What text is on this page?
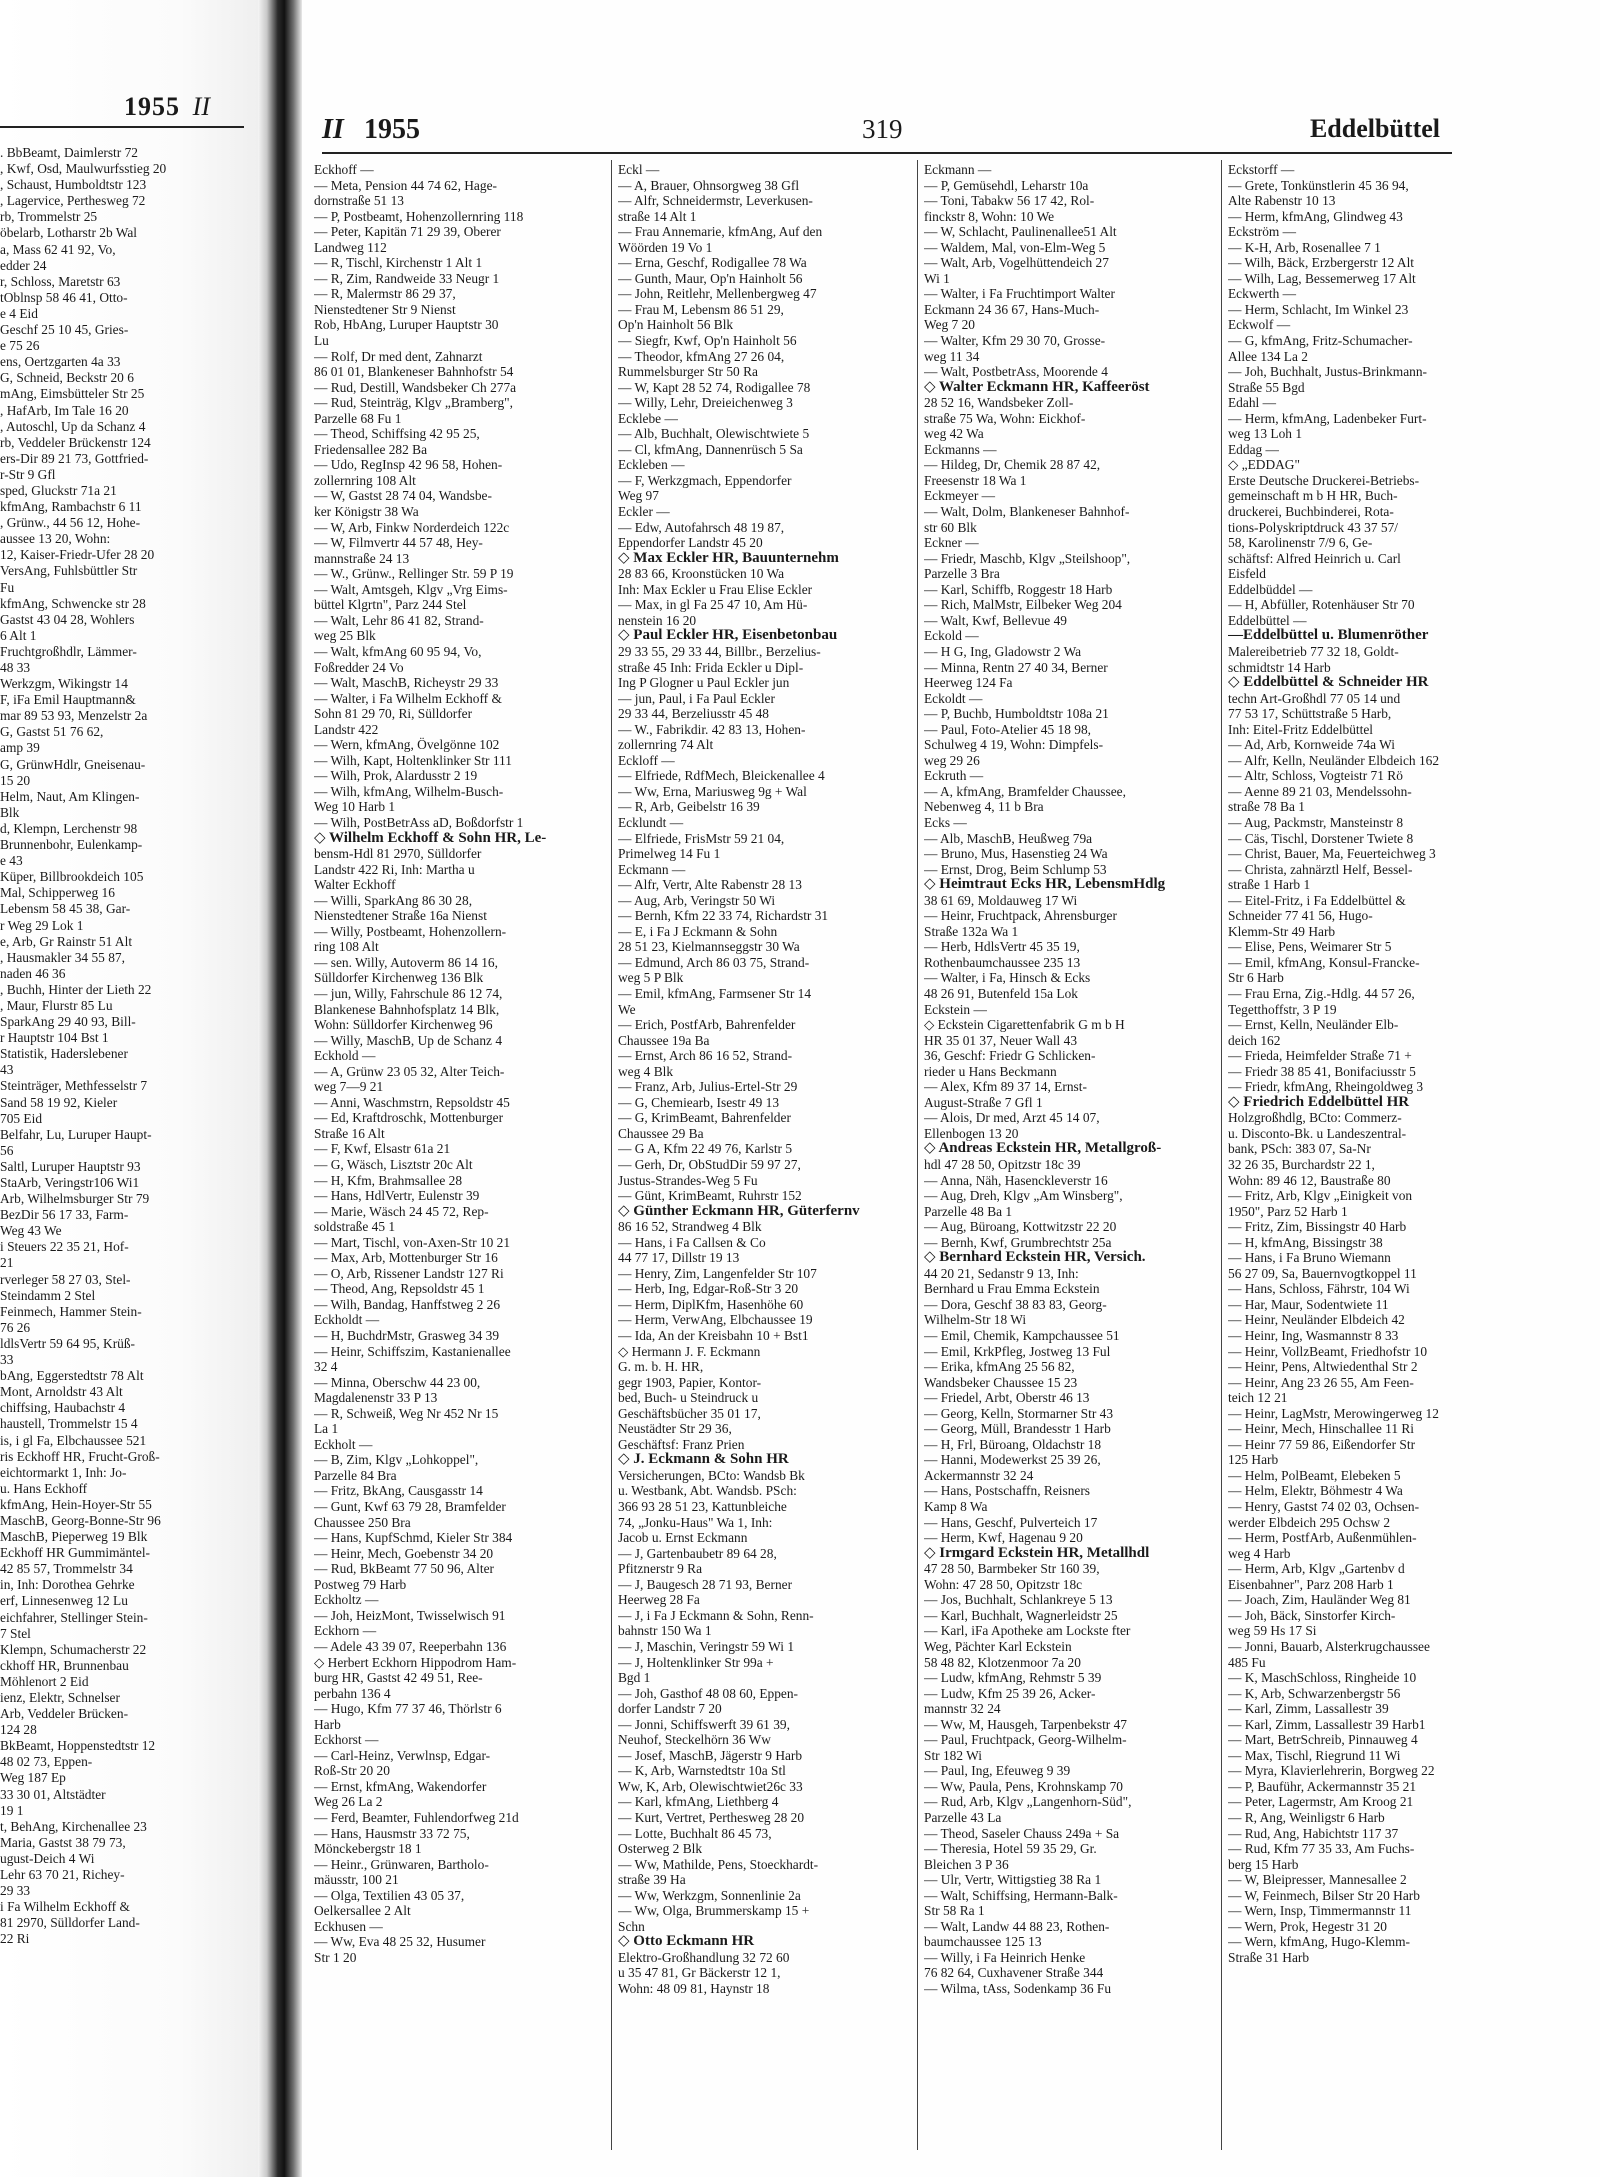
1955 II
. BbBeamt, Daimlerstr 72
, Kwf, Osd, Maulwurfsstieg 20
, Schaust, Humboldtstr 123
, Lagervice, Perthesweg 72
rb, Trommelstr 25
öbelarb, Lotharstr 2b Wal
a, Mass 62 41 92, Vo,
edder 24
r, Schloss, Maretstr 63
tOblnsp 58 46 41, Otto-
e 4 Eid
Geschf 25 10 45, Gries-
e 75 26
ens, Oertzgarten 4a 33
G, Schneid, Beckstr 20 6
mAng, Eimsbütteler Str 25
, HafArb, Im Tale 16 20
, Autoschl, Up da Schanz 4
rb, Veddeler Brückenstr 124
ers-Dir 89 21 73, Gottfried-
r-Str 9 Gfl
sped, Gluckstr 71a 21
kfmAng, Rambachstr 6 11
, Grünw., 44 56 12, Hohe-
aussee 13 20, Wohn:
12, Kaiser-Friedr-Ufer 28 20
VersAng, Fuhlsbüttler Str
Fu
kfmAng, Schwencke str 28
Gastst 43 04 28, Wohlers
6 Alt 1
Fruchtgroßhdlr, Lämmer-
48 33
Werkzgm, Wikingstr 14
F, iFa Emil Hauptmann&
mar 89 53 93, Menzelstr 2a
G, Gastst 51 76 62,
amp 39
G, GrünwHdlr, Gneisenau-
15 20
Helm, Naut, Am Klingen-
Blk
d, Klempn, Lerchenstr 98
Brunnenbohr, Eulenkamp-
e 43
Küper, Billbrookdeich 105
Mal, Schipperweg 16
Lebensm 58 45 38, Gar-
r Weg 29 Lok 1
e, Arb, Gr Rainstr 51 Alt
, Hausmakler 34 55 87,
naden 46 36
, Buchh, Hinter der Lieth 22
, Maur, Flurstr 85 Lu
SparkAng 29 40 93, Bill-
r Hauptstr 104 Bst 1
Statistik, Haderslebener
43
Steinträger, Methfesselstr 7
Sand 58 19 92, Kieler
705 Eid
Belfahr, Lu, Luruper Haupt-
56
Saltl, Luruper Hauptstr 93
StaArb, Veringstr106 Wi1
Arb, Wilhelmsburger Str 79
BezDir 56 17 33, Farm-
Weg 43 We
i Steuers 22 35 21, Hof-
21
rverleger 58 27 03, Stel-
Steindamm 2 Stel
Feinmech, Hammer Stein-
76 26
ldlsVertr 59 64 95, Krüß-
33
bAng, Eggerstedtstr 78 Alt
Mont, Arnoldstr 43 Alt
chiffsing, Haubachstr 4
haustell, Trommelstr 15 4
is, i gl Fa, Elbchaussee 521
ris Eckhoff HR, Frucht-Groß-
eichtormarkt 1, Inh: Jo-
u. Hans Eckhoff
kfmAng, Hein-Hoyer-Str 55
MaschB, Georg-Bonne-Str 96
MaschB, Pieperweg 19 Blk
Eckhoff HR Gummimäntel-
42 85 57, Trommelstr 34
in, Inh: Dorothea Gehrke
erf, Linnesenweg 12 Lu
eichfahrer, Stellinger Stein-
7 Stel
Klempn, Schumacherstr 22
ckhoff HR, Brunnenbau
Möhlenort 2 Eid
ienz, Elektr, Schnelser
Arb, Veddeler Brücken-
124 28
BkBeamt, Hoppenstedtstr 12
48 02 73, Eppen-
Weg 187 Ep
33 30 01, Altstädter
19 1
t, BehAng, Kirchenallee 23
Maria, Gastst 38 79 73,
ugust-Deich 4 Wi
Lehr 63 70 21, Richey-
29 33
i Fa Wilhelm Eckhoff &
81 2970, Sülldorfer Land-
22 Ri
II 1955	319	Eddelbüttel
Eckhoff —
— Meta, Pension 44 74 62, Hage-
dornstraße 51 13
— P, Postbeamt, Hohenzollernring 118
— Peter, Kapitän 71 29 39, Oberer
Landweg 112
— R, Tischl, Kirchenstr 1 Alt 1
— R, Zim, Randweide 33 Neugr 1
— R, Malermstr 86 29 37,
Nienstedtener Str 9 Nienst
Rob, HbAng, Luruper Hauptstr 30
Lu
— Rolf, Dr med dent, Zahnarzt
86 01 01, Blankeneser Bahnhofstr 54
— Rud, Destill, Wandsbeker Ch 277a
— Rud, Steinträg, Klgv „Bramberg",
Parzelle 68 Fu 1
— Theod, Schiffsing 42 95 25,
Friedensallee 282 Ba
— Udo, RegInsp 42 96 58, Hohen-
zollernring 108 Alt
— W, Gastst 28 74 04, Wandsbe-
ker Königstr 38 Wa
— W, Arb, Finkw Norderdeich 122c
— W, Filmvertr 44 57 48, Hey-
mannstraße 24 13
— W., Grünw., Rellinger Str. 59 P 19
— Walt, Amtsgeh, Klgv „Vrg Eims-
büttel Klgrtn", Parz 244 Stel
— Walt, Lehr 86 41 82, Strand-
weg 25 Blk
— Walt, kfmAng 60 95 94, Vo,
Foßredder 24 Vo
— Walt, MaschB, Richeystr 29 33
— Walter, i Fa Wilhelm Eckhoff &
Sohn 81 29 70, Ri, Sülldorfer
Landstr 422
— Wern, kfmAng, Övelgönne 102
— Wilh, Kapt, Holtenklinker Str 111
— Wilh, Prok, Alardusstr 2 19
— Wilh, kfmAng, Wilhelm-Busch-
Weg 10 Harb 1
— Wilh, PostBetrAss aD, Boßdorfstr 1
◇ Wilhelm Eckhoff & Sohn HR, Le-
bensm-Hdl 81 2970, Sülldorfer
Landstr 422 Ri, Inh: Martha u
Walter Eckhoff
— Willi, SparkAng 86 30 28,
Nienstedtener Straße 16a Nienst
— Willy, Postbeamt, Hohenzollern-
ring 108 Alt
— sen. Willy, Autoverm 86 14 16,
Sülldorfer Kirchenweg 136 Blk
— jun, Willy, Fahrschule 86 12 74,
Blankenese Bahnhofsplatz 14 Blk,
Wohn: Sülldorfer Kirchenweg 96
— Willy, MaschB, Up de Schanz 4
Eckhold —
— A, Grünw 23 05 32, Alter Teich-
weg 7—9 21
— Anni, Waschmstrn, Repsoldstr 45
— Ed, Kraftdroschk, Mottenburger
Straße 16 Alt
— F, Kwf, Elsastr 61a 21
— G, Wäsch, Lisztstr 20c Alt
— H, Kfm, Brahmsallee 28
— Hans, HdlVertr, Eulenstr 39
— Marie, Wäsch 24 45 72, Rep-
soldstraße 45 1
— Mart, Tischl, von-Axen-Str 10 21
— Max, Arb, Mottenburger Str 16
— O, Arb, Rissener Landstr 127 Ri
— Theod, Ang, Repsoldstr 45 1
— Wilh, Bandag, Hanffstweg 2 26
Eckholdt —
— H, BuchdrMstr, Grasweg 34 39
— Heinr, Schiffszim, Kastanienallee
32 4
— Minna, Oberschw 44 23 00,
Magdalenenstr 33 P 13
— R, Schweiß, Weg Nr 452 Nr 15
La 1
Eckholt —
— B, Zim, Klgv „Lohkoppel",
Parzelle 84 Bra
— Fritz, BkAng, Causgasstr 14
— Gunt, Kwf 63 79 28, Bramfelder
Chaussee 250 Bra
— Hans, KupfSchmd, Kieler Str 384
— Heinr, Mech, Goebenstr 34 20
— Rud, BkBeamt 77 50 96, Alter
Postweg 79 Harb
Eckholtz —
— Joh, HeizMont, Twisselwisch 91
Eckhorn —
— Adele 43 39 07, Reeperbahn 136
◇ Herbert Eckhorn Hippodrom Ham-
burg HR, Gastst 42 49 51, Ree-
perbahn 136 4
— Hugo, Kfm 77 37 46, Thörlstr 6
Harb
Eckhorst —
— Carl-Heinz, Verwlnsp, Edgar-
Roß-Str 20 20
— Ernst, kfmAng, Wakendorfer
Weg 26 La 2
— Ferd, Beamter, Fuhlendorfweg 21d
— Hans, Hausmstr 33 72 75,
Mönckebergstr 18 1
— Heinr., Grünwaren, Bartholo-
mäusstr, 100 21
— Olga, Textilien 43 05 37,
Oelkersallee 2 Alt
Eckhusen —
— Ww, Eva 48 25 32, Husumer
Str 1 20
Eckl —
— A, Brauer, Ohnsorgweg 38 Gfl
— Alfr, Schneidermstr, Leverkusen-
straße 14 Alt 1
— Frau Annemarie, kfmAng, Auf den
Wöörden 19 Vo 1
— Erna, Geschf, Rodigallee 78 Wa
— Gunth, Maur, Op'n Hainholt 56
— John, Reitlehr, Mellenbergweg 47
— Frau M, Lebensm 86 51 29,
Op'n Hainholt 56 Blk
— Siegfr, Kwf, Op'n Hainholt 56
— Theodor, kfmAng 27 26 04,
Rummelsburger Str 50 Ra
— W, Kapt 28 52 74, Rodigallee 78
— Willy, Lehr, Dreieichenweg 3
Ecklebe —
— Alb, Buchhalt, Olewischtwiete 5
— Cl, kfmAng, Dannenrüsch 5 Sa
Eckleben —
— F, Werkzgmach, Eppendorfer
Weg 97
Eckler —
— Edw, Autofahrsch 48 19 87,
Eppendorfer Landstr 45 20
◇ Max Eckler HR, Bauunternehm
28 83 66, Kroonstücken 10 Wa
Inh: Max Eckler u Frau Elise Eckler
— Max, in gl Fa 25 47 10, Am Hü-
nenstein 16 20
◇ Paul Eckler HR, Eisenbetonbau
29 33 55, 29 33 44, Billbr., Berzelius-
straße 45 Inh: Frida Eckler u Dipl-
Ing P Glogner u Paul Eckler jun
— jun, Paul, i Fa Paul Eckler
29 33 44, Berzeliusstr 45 48
— W., Fabrikdir. 42 83 13, Hohen-
zollernring 74 Alt
Eckloff —
— Elfriede, RdfMech, Bleickenallee 4
— Ww, Erna, Mariusweg 9g + Wal
— R, Arb, Geibelstr 16 39
Ecklundt —
— Elfriede, FrisMstr 59 21 04,
Primelweg 14 Fu 1
Eckmann —
— Alfr, Vertr, Alte Rabenstr 28 13
— Aug, Arb, Veringstr 50 Wi
— Bernh, Kfm 22 33 74, Richardstr 31
— E, i Fa J Eckmann & Sohn
28 51 23, Kielmannseggstr 30 Wa
— Edmund, Arch 86 03 75, Strand-
weg 5 P Blk
— Emil, kfmAng, Farmsener Str 14
We
— Erich, PostfArb, Bahrenfelder
Chaussee 19a Ba
— Ernst, Arch 86 16 52, Strand-
weg 4 Blk
— Franz, Arb, Julius-Ertel-Str 29
— G, Chemiearb, Isestr 49 13
— G, KrimBeamt, Bahrenfelder
Chaussee 29 Ba
— G A, Kfm 22 49 76, Karlstr 5
— Gerh, Dr, ObStudDir 59 97 27,
Justus-Strandes-Weg 5 Fu
— Günt, KrimBeamt, Ruhrstr 152
◇ Günther Eckmann HR, Güterfernv
86 16 52, Strandweg 4 Blk
— Hans, i Fa Callsen & Co
44 77 17, Dillstr 19 13
— Henry, Zim, Langenfelder Str 107
— Herb, Ing, Edgar-Roß-Str 3 20
— Herm, DiplKfm, Hasenhöhe 60
— Herm, VerwAng, Elbchaussee 19
— Ida, An der Kreisbahn 10 + Bst1
◇ Hermann J. F. Eckmann
G. m. b. H. HR,
gegr 1903, Papier, Kontor-
bed, Buch- u Steindruck u
Geschäftsbücher 35 01 17,
Neustädter Str 29 36,
Geschäftsf: Franz Prien
◇ J. Eckmann & Sohn HR
Versicherungen, BCto: Wandsb Bk
u. Westbank, Abt. Wandsb. PSch:
366 93 28 51 23, Kattunbleiche
74, „Jonku-Haus" Wa 1, Inh:
Jacob u. Ernst Eckmann
— J, Gartenbaubetr 89 64 28,
Pfitznerstr 9 Ra
— J, Baugesch 28 71 93, Berner
Heerweg 28 Fa
— J, i Fa J Eckmann & Sohn, Renn-
bahnstr 150 Wa 1
— J, Maschin, Veringstr 59 Wi 1
— J, Holtenklinker Str 99a +
Bgd 1
— Joh, Gasthof 48 08 60, Eppen-
dorfer Landstr 7 20
— Jonni, Schiffswerft 39 61 39,
Neuhof, Steckelhörn 36 Ww
— Josef, MaschB, Jägerstr 9 Harb
— K, Arb, Warnstedtstr 10a Stl
Ww, K, Arb, Olewischtwiet26c 33
— Karl, kfmAng, Liethberg 4
— Kurt, Vertret, Perthesweg 28 20
— Lotte, Buchhalt 86 45 73,
Osterweg 2 Blk
— Ww, Mathilde, Pens, Stoeckhardt-
straße 39 Ha
— Ww, Werkzgm, Sonnenlinie 2a
— Ww, Olga, Brummerskamp 15 +
Schn
◇ Otto Eckmann HR
Elektro-Großhandlung 32 72 60
u 35 47 81, Gr Bäckerstr 12 1,
Wohn: 48 09 81, Haynstr 18
Eckmann —
— P, Gemüsehdl, Leharstr 10a
— Toni, Tabakw 56 17 42, Rol-
finckstr 8, Wohn: 10 We
— W, Schlacht, Paulinenallee51 Alt
— Waldem, Mal, von-Elm-Weg 5
— Walt, Arb, Vogelhüttendeich 27
Wi 1
— Walter, i Fa Fruchtimport Walter
Eckmann 24 36 67, Hans-Much-
Weg 7 20
— Walter, Kfm 29 30 70, Grosse-
weg 11 34
— Walt, PostbetrAss, Moorende 4
◇ Walter Eckmann HR, Kaffeeröst
28 52 16, Wandsbeker Zoll-
straße 75 Wa, Wohn: Eickhof-
weg 42 Wa
Eckmanns —
— Hildeg, Dr, Chemik 28 87 42,
Freesenstr 18 Wa 1
Eckmeyer —
— Walt, Dolm, Blankeneser Bahnhof-
str 60 Blk
Eckner —
— Friedr, Maschb, Klgv „Steilshoop",
Parzelle 3 Bra
— Karl, Schiffb, Roggestr 18 Harb
— Rich, MalMstr, Eilbeker Weg 204
— Walt, Kwf, Bellevue 49
Eckold —
— H G, Ing, Gladowstr 2 Wa
— Minna, Rentn 27 40 34, Berner
Heerweg 124 Fa
Eckoldt —
— P, Buchb, Humboldtstr 108a 21
— Paul, Foto-Atelier 45 18 98,
Schulweg 4 19, Wohn: Dimpfels-
weg 29 26
Eckruth —
— A, kfmAng, Bramfelder Chaussee,
Nebenweg 4, 11 b Bra
Ecks —
— Alb, MaschB, Heußweg 79a
— Bruno, Mus, Hasenstieg 24 Wa
— Ernst, Drog, Beim Schlump 53
◇ Heimtraut Ecks HR, LebensmHdlg
38 61 69, Moldauweg 17 Wi
— Heinr, Fruchtpack, Ahrensburger
Straße 132a Wa 1
— Herb, HdlsVertr 45 35 19,
Rothenbaumchaussee 235 13
— Walter, i Fa, Hinsch & Ecks
48 26 91, Butenfeld 15a Lok
Eckstein —
◇ Eckstein Cigarettenfabrik G m b H
HR 35 01 37, Neuer Wall 43
36, Geschf: Friedr G Schlicken-
rieder u Hans Beckmann
— Alex, Kfm 89 37 14, Ernst-
August-Straße 7 Gfl 1
— Alois, Dr med, Arzt 45 14 07,
Ellenbogen 13 20
◇ Andreas Eckstein HR, Metallgroß-
hdl 47 28 50, Opitzstr 18c 39
— Anna, Näh, Hasenckleverstr 16
— Aug, Dreh, Klgv „Am Winsberg",
Parzelle 48 Ba 1
— Aug, Büroang, Kottwitzstr 22 20
— Bernh, Kwf, Grumbrechtstr 25a
◇ Bernhard Eckstein HR, Versich.
44 20 21, Sedanstr 9 13, Inh:
Bernhard u Frau Emma Eckstein
— Dora, Geschf 38 83 83, Georg-
Wilhelm-Str 18 Wi
— Emil, Chemik, Kampchaussee 51
— Emil, KrkPfleg, Jostweg 13 Ful
— Erika, kfmAng 25 56 82,
Wandsbeker Chaussee 15 23
— Friedel, Arbt, Oberstr 46 13
— Georg, Kelln, Stormarner Str 43
— Georg, Müll, Brandesstr 1 Harb
— H, Frl, Büroang, Oldachstr 18
— Hanni, Modewerkst 25 39 26,
Ackermannstr 32 24
— Hans, Postschaffn, Reisners
Kamp 8 Wa
— Hans, Geschf, Pulverteich 17
— Herm, Kwf, Hagenau 9 20
◇ Irmgard Eckstein HR, Metallhdl
47 28 50, Barmbeker Str 160 39,
Wohn: 47 28 50, Opitzstr 18c
— Jos, Buchhalt, Schlankreye 5 13
— Karl, Buchhalt, Wagnerleidstr 25
— Karl, iFa Apotheke am Lockste fter
Weg, Pächter Karl Eckstein
58 48 82, Klotzenmoor 7a 20
— Ludw, kfmAng, Rehmstr 5 39
— Ludw, Kfm 25 39 26, Acker-
mannstr 32 24
— Ww, M, Hausgeh, Tarpenbekstr 47
— Paul, Fruchtpack, Georg-Wilhelm-
Str 182 Wi
— Paul, Ing, Efeuweg 9 39
— Ww, Paula, Pens, Krohnskamp 70
— Rud, Arb, Klgv „Langenhorn-Süd",
Parzelle 43 La
— Theod, Saseler Chauss 249a + Sa
— Theresia, Hotel 59 35 29, Gr.
Bleichen 3 P 36
— Ulr, Vertr, Wittigstieg 38 Ra 1
— Walt, Schiffsing, Hermann-Balk-
Str 58 Ra 1
— Walt, Landw 44 88 23, Rothen-
baumchaussee 125 13
— Willy, i Fa Heinrich Henke
76 82 64, Cuxhavener Straße 344
— Wilma, tAss, Sodenkamp 36 Fu
Eckstorff —
— Grete, Tonkünstlerin 45 36 94,
Alte Rabenstr 10 13
— Herm, kfmAng, Glindweg 43
Eckström —
— K-H, Arb, Rosenallee 7 1
— Wilh, Bäck, Erzbergerstr 12 Alt
— Wilh, Lag, Bessemerweg 17 Alt
Eckwerth —
— Herm, Schlacht, Im Winkel 23
Eckwolf —
— G, kfmAng, Fritz-Schumacher-
Allee 134 La 2
— Joh, Buchhalt, Justus-Brinkmann-
Straße 55 Bgd
Edahl —
— Herm, kfmAng, Ladenbeker Furt-
weg 13 Loh 1
Eddag —
◇ „EDDAG"
Erste Deutsche Druckerei-Betriebs-
gemeinschaft m b H HR, Buch-
druckerei, Buchbinderei, Rota-
tions-Polyskriptdruck 43 37 57/
58, Karolinenstr 7/9 6, Ge-
schäftsf: Alfred Heinrich u. Carl
Eisfeld
Eddelbüddel —
— H, Abfüller, Rotenhäuser Str 70
Eddelbüttel —
—Eddelbüttel u. Blumenröther
Malereibetrieb 77 32 18, Goldt-
schmidtstr 14 Harb
◇ Eddelbüttel & Schneider HR
techn Art-Großhdl 77 05 14 und
77 53 17, Schüttstraße 5 Harb,
Inh: Eitel-Fritz Eddelbüttel
— Ad, Arb, Kornweide 74a Wi
— Alfr, Kelln, Neuländer Elbdeich 162
— Altr, Schloss, Vogteistr 71 Rö
— Aenne 89 21 03, Mendelssohn-
straße 78 Ba 1
— Aug, Packmstr, Mansteinstr 8
— Cäs, Tischl, Dorstener Twiete 8
— Christ, Bauer, Ma, Feuerteichweg 3
— Christa, zahnärztl Helf, Bessel-
straße 1 Harb 1
— Eitel-Fritz, i Fa Eddelbüttel &
Schneider 77 41 56, Hugo-
Klemm-Str 49 Harb
— Elise, Pens, Weimarer Str 5
— Emil, kfmAng, Konsul-Francke-
Str 6 Harb
— Frau Erna, Zig.-Hdlg. 44 57 26,
Tegetthoffstr, 3 P 19
— Ernst, Kelln, Neuländer Elb-
deich 162
— Frieda, Heimfelder Straße 71 +
— Friedr 38 85 41, Bonifaciusstr 5
— Friedr, kfmAng, Rheingoldweg 3
◇ Friedrich Eddelbüttel HR
Holzgroßhdlg, BCto: Commerz-
u. Disconto-Bk. u Landeszentral-
bank, PSch: 383 07, Sa-Nr
32 26 35, Burchardstr 22 1,
Wohn: 89 46 12, Baustraße 80
— Fritz, Arb, Klgv „Einigkeit von
1950", Parz 52 Harb 1
— Fritz, Zim, Bissingstr 40 Harb
— H, kfmAng, Bissingstr 38
— Hans, i Fa Bruno Wiemann
56 27 09, Sa, Bauernvogtkoppel 11
— Hans, Schloss, Fährstr, 104 Wi
— Har, Maur, Sodentwiete 11
— Heinr, Neuländer Elbdeich 42
— Heinr, Ing, Wasmannstr 8 33
— Heinr, VollzBeamt, Friedhofstr 10
— Heinr, Pens, Altwiedenthal Str 2
— Heinr, Ang 23 26 55, Am Feen-
teich 12 21
— Heinr, LagMstr, Merowingerweg 12
— Heinr, Mech, Hinschallee 11 Ri
— Heinr 77 59 86, Eißendorfer Str
125 Harb
— Helm, PolBeamt, Elebeken 5
— Helm, Elektr, Böhmestr 4 Wa
— Henry, Gastst 74 02 03, Ochsen-
werder Elbdeich 295 Ochsw 2
— Herm, PostfArb, Außenmühlen-
weg 4 Harb
— Herm, Arb, Klgv „Gartenbv d
Eisenbahner", Parz 208 Harb 1
— Joach, Zim, Hauländer Weg 81
— Joh, Bäck, Sinstorfer Kirch-
weg 59 Hs 17 Si
— Jonni, Bauarb, Alsterkrugchaussee
485 Fu
— K, MaschSchloss, Ringheide 10
— K, Arb, Schwarzenbergstr 56
— Karl, Zimm, Lassallestr 39
— Karl, Zimm, Lassallestr 39 Harb1
— Mart, BetrSchreib, Pinnauweg 4
— Max, Tischl, Riegrund 11 Wi
— Myra, Klavierlehrerin, Borgweg 22
— P, Bauführ, Ackermannstr 35 21
— Peter, Lagermstr, Am Kroog 21
— R, Ang, Weinligstr 6 Harb
— Rud, Ang, Habichtstr 117 37
— Rud, Kfm 77 35 33, Am Fuchs-
berg 15 Harb
— W, Bleipresser, Mannesallee 2
— W, Feinmech, Bilser Str 20 Harb
— Wern, Insp, Timmermannstr 11
— Wern, Prok, Hegestr 31 20
— Wern, kfmAng, Hugo-Klemm-
Straße 31 Harb
